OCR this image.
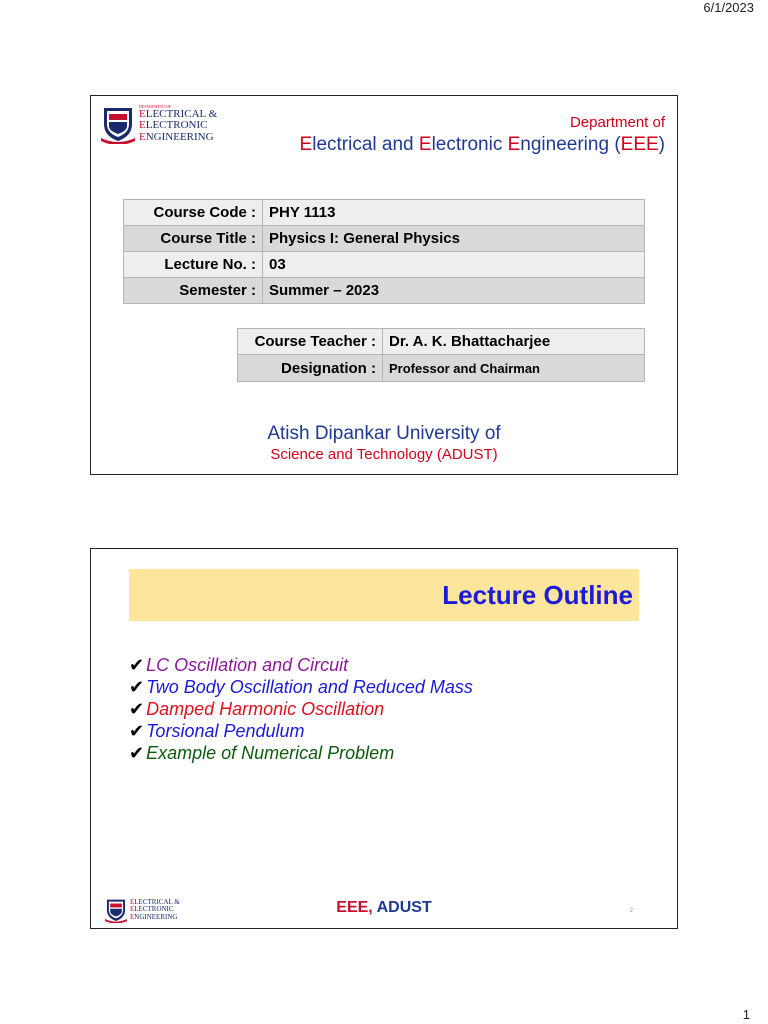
6/1/2023
DEPARTMENT OF
ELECTRICAL &
ELECTRONIC
ENGINEERING
Department of
Electrical and Electronic Engineering (EEE)
Course Code :	PHY 1113
Course Title :	Physics I: General Physics
Lecture No. :	03
Semester :	Summer – 2023
Course Teacher :	Dr. A. K. Bhattacharjee
Designation :	Professor and Chairman
Atish Dipankar University of
Science and Technology (ADUST)
Lecture Outline
✔ LC Oscillation and Circuit
✔ Two Body Oscillation and Reduced Mass
✔ Damped Harmonic Oscillation
✔ Torsional Pendulum
✔ Example of Numerical Problem
ELECTRICAL &
ELECTRONIC
ENGINEERING
EEE, ADUST	2
1
